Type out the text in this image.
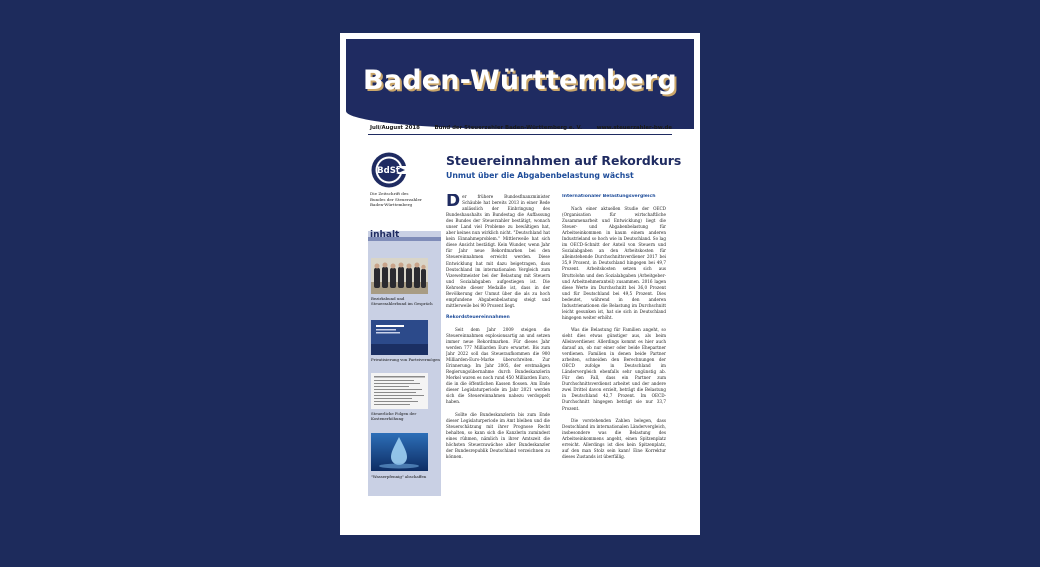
Baden-Württemberg
Juli/August 2018	Bund der Steuerzahler Baden-Württemberg e. V.	www.steuerzahler-bw.de
BdSt
Die Zeitschrift des
Bundes der Steuerzahler
Baden-Württemberg
inhalt
Bezirksbund und Steuerzahlerbund im Gespräch
Privatisierung von Parteivermögen
Steuerliche Folgen der Kostenerhöhung
"Wasserpfennig" abschaffen
Steuereinnahmen auf Rekordkurs
Unmut über die Abgabenbelastung wächst

Der frühere Bundesfinanzminister Schäuble hat bereits 2013 in einer Rede anlässlich der Einbringung des Bundeshaushalts im Bundestag die Auffassung des Bundes der Steuerzahler bestätigt, wonach unser Land viel Probleme zu bewältigen hat, aber keines nun wirklich nicht. "Deutschland hat kein Einnahmeproblem." Mittlerweile hat sich diese Ansicht bestätigt. Kein Wunder, wenn Jahr für Jahr neue Rekordmarken bei den Steuereinnahmen erreicht werden. Diese Entwicklung hat mit dazu beigetragen, dass Deutschland im internationalen Vergleich zum Vizeweltmeister bei der Belastung mit Steuern und Sozialabgaben aufgestiegen ist. Die Kehrseite dieser Medaille ist, dass in der Bevölkerung der Unmut über die als zu hoch empfundene Abgabenbelastung steigt und mittlerweile bei 90 Prozent liegt.

Rekordsteuereinnahmen

Seit dem Jahr 2009 steigen die Steuereinnahmen explosionsartig an und setzen immer neue Rekordmarken. Für dieses Jahr werden 777 Milliarden Euro erwartet. Bis zum Jahr 2022 soll das Steueraufkommen die 900 Milliarden-Euro-Marke überschreiten. Zur Erinnerung: Im Jahr 2005, der erstmaligen Regierungsübernahme durch Bundeskanzlerin Merkel waren es noch rund 450 Milliarden Euro, die in die öffentlichen Kassen flossen. Am Ende dieser Legislaturperiode im Jahr 2021 werden sich die Steuereinnahmen nahezu verdoppelt haben.

Sollte die Bundeskanzlerin bis zum Ende dieser Legislaturperiode im Amt bleiben und die Steuerschätzung mit ihrer Prognose Recht behalten, so kann sich die Kanzlerin zumindest eines rühmen, nämlich in ihrer Amtszeit die höchsten Steuerzuwächse aller Bundeskanzler der Bundesrepublik Deutschland verzeichnen zu können.

Internationaler Belastungsvergleich

Nach einer aktuellen Studie der OECD (Organisation für wirtschaftliche Zusammenarbeit und Entwicklung) liegt die Steuer- und Abgabenbelastung für Arbeitseinkommen in kaum einem anderen Industrieland so hoch wie in Deutschland. So lag im OECD-Schnitt der Anteil von Steuern und Sozialabgaben an den Arbeitskosten für alleinstehende Durchschnittsverdiener 2017 bei 35,9 Prozent, in Deutschland hingegen bei 49,7 Prozent. Arbeitskosten setzen sich aus Bruttolohn und den Sozialabgaben (Arbeitgeber- und Arbeitnehmeranteil) zusammen. 2016 lagen diese Werte im Durchschnitt bei 36,0 Prozent und für Deutschland bei 49,5 Prozent. Dies bedeutet, während in den anderen Industrienationen die Belastung im Durchschnitt leicht gesunken ist, hat sie sich in Deutschland hingegen weiter erhöht.

Was die Belastung für Familien angeht, so sieht dies etwas günstiger aus, als beim Alleinverdiener. Allerdings kommt es hier auch darauf an, ob nur einer oder beide Ehepartner verdienen. Familien in denen beide Partner arbeiten, schneiden den Berechnungen der OECD zufolge in Deutschland im Ländervergleich ebenfalls sehr ungünstig ab. Für den Fall, dass ein Partner zum Durchschnittsverdienst arbeitet und der andere zwei Drittel davon erzielt, beträgt die Belastung in Deutschland 42,7 Prozent. Im OECD-Durchschnitt hingegen beträgt sie nur 33,7 Prozent.

Die vorstehenden Zahlen belegen, dass Deutschland im internationalen Ländervergleich, insbesondere was die Belastung des Arbeitseinkommens angeht, einen Spitzenplatz erreicht. Allerdings ist dies kein Spitzenplatz, auf den man Stolz sein kann! Eine Korrektur dieses Zustands ist überfällig.
